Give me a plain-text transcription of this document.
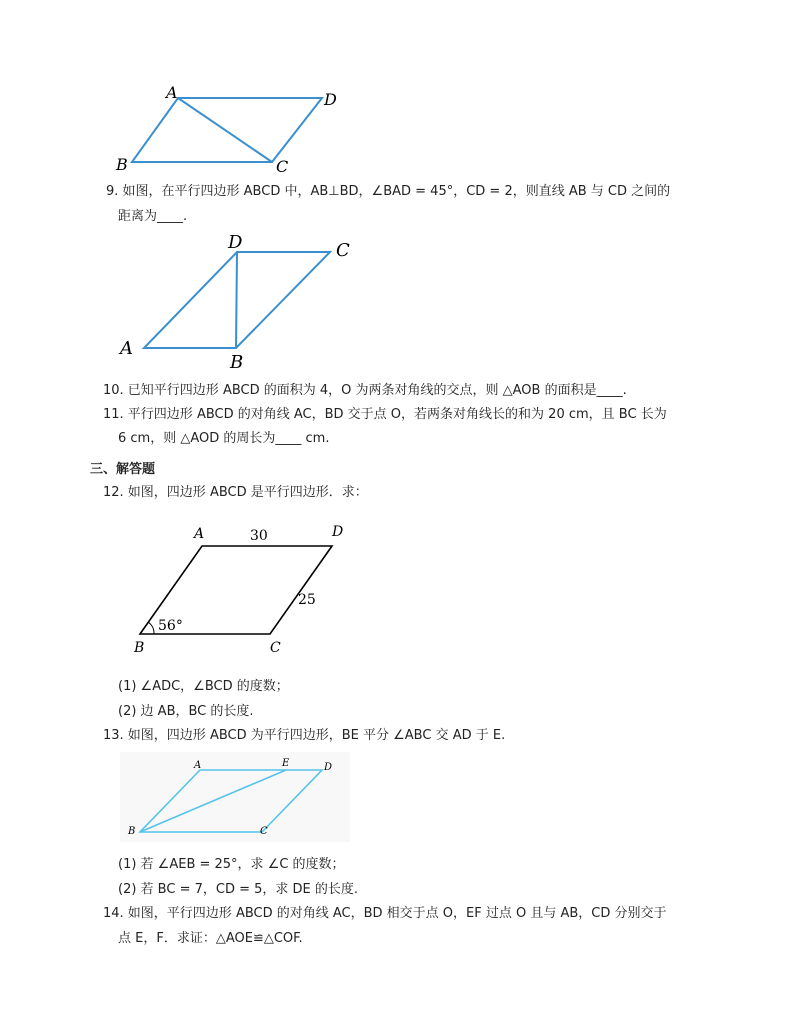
A	D
B	C
9. 如图，在平行四边形 ABCD 中，AB⊥BD，∠BAD = 45°，CD = 2，则直线 AB 与 CD 之间的
距离为____.
D	C
A
B
10. 已知平行四边形 ABCD 的面积为 4，O 为两条对角线的交点，则 △AOB 的面积是____.
11. 平行四边形 ABCD 的对角线 AC，BD 交于点 O，若两条对角线长的和为 20 cm，且 BC 长为
6 cm，则 △AOD 的周长为____ cm.
三、解答题
12. 如图，四边形 ABCD 是平行四边形．求：
A	D
B	C
30
25
56°
(1) ∠ADC，∠BCD 的度数；
(2) 边 AB，BC 的长度.
13. 如图，四边形 ABCD 为平行四边形，BE 平分 ∠ABC 交 AD 于 E.
A	E	D
B	C
(1) 若 ∠AEB = 25°，求 ∠C 的度数；
(2) 若 BC = 7，CD = 5，求 DE 的长度.
14. 如图，平行四边形 ABCD 的对角线 AC，BD 相交于点 O，EF 过点 O 且与 AB，CD 分别交于
点 E，F．求证：△AOE≌△COF.
